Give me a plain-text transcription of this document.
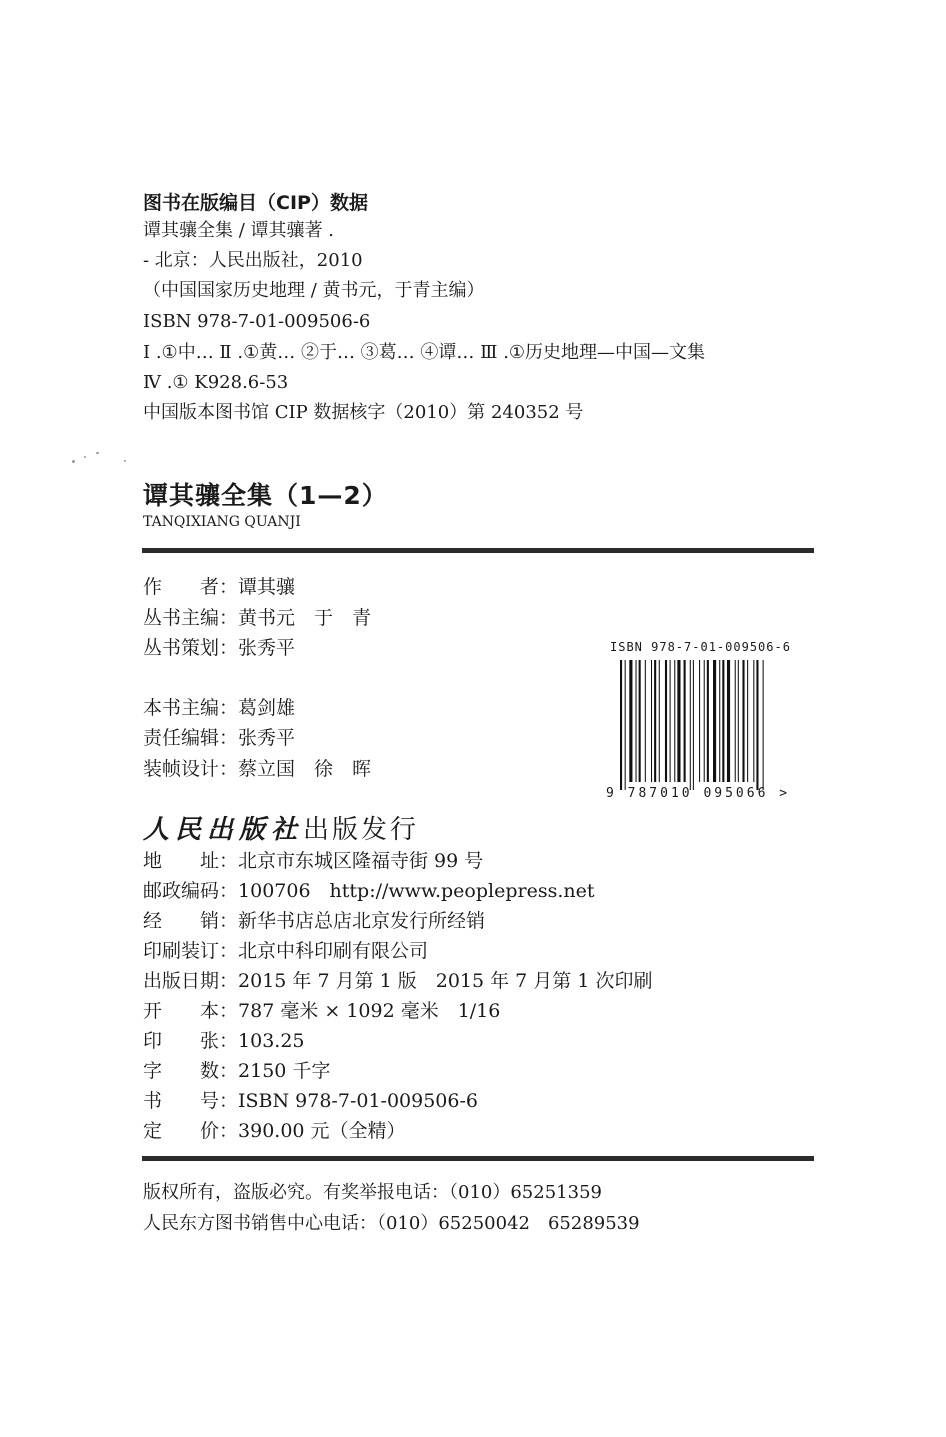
图书在版编目（CIP）数据
谭其骧全集 / 谭其骧著 .
- 北京：人民出版社，2010
（中国国家历史地理 / 黄书元，于青主编）
ISBN 978-7-01-009506-6
Ⅰ .①中… Ⅱ .①黄… ②于… ③葛… ④谭… Ⅲ .①历史地理—中国—文集
Ⅳ .① K928.6-53
中国版本图书馆 CIP 数据核字（2010）第 240352 号
谭其骧全集（1—2）
TANQIXIANG QUANJI
作　　者：谭其骧
丛书主编：黄书元　于　青
丛书策划：张秀平
本书主编：葛剑雄
责任编辑：张秀平
装帧设计：蔡立国　徐　晖
ISBN 978-7-01-009506-6
9 787010 095066 >
人民出版社出版发行
地　　址：北京市东城区隆福寺街 99 号
邮政编码：100706　http://www.peoplepress.net
经　　销：新华书店总店北京发行所经销
印刷装订：北京中科印刷有限公司
出版日期：2015 年 7 月第 1 版　2015 年 7 月第 1 次印刷
开　　本：787 毫米 × 1092 毫米　1/16
印　　张：103.25
字　　数：2150 千字
书　　号：ISBN 978-7-01-009506-6
定　　价：390.00 元（全精）
版权所有，盗版必究。有奖举报电话：（010）65251359
人民东方图书销售中心电话：（010）65250042　65289539
